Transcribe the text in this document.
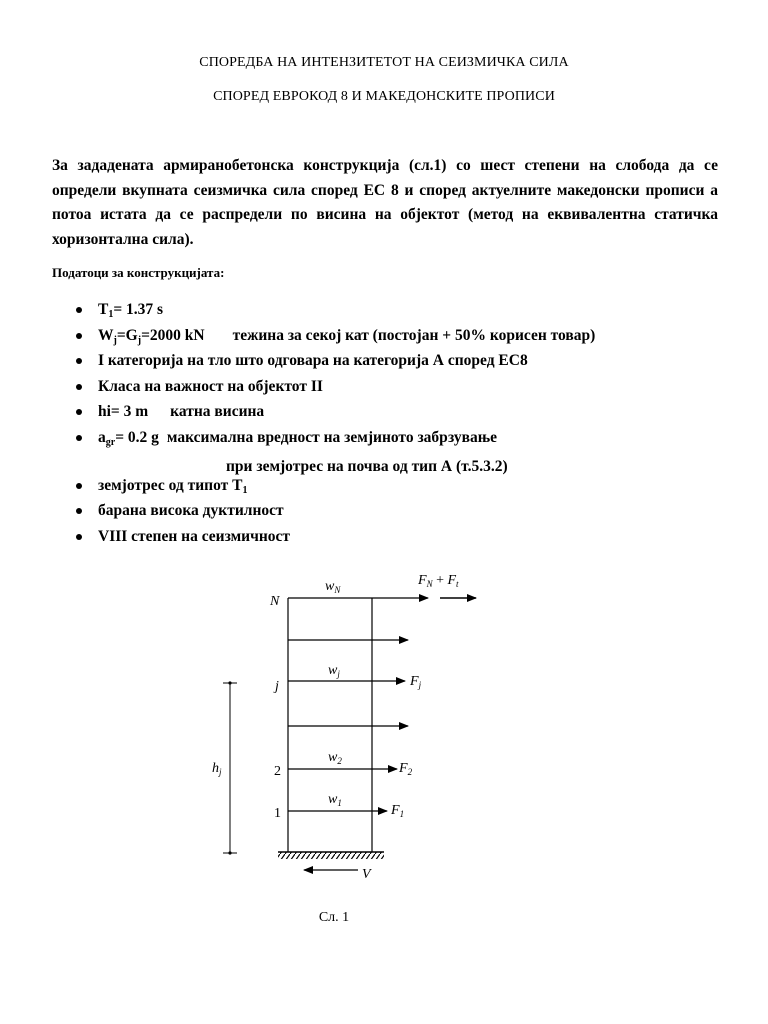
СПОРЕДБА НА ИНТЕНЗИТЕТОТ НА СЕИЗМИЧКА СИЛА
СПОРЕД ЕВРОКОД 8 И МАКЕДОНСКИТЕ ПРОПИСИ
За зададената армиранобетонска конструкција (сл.1) со шест степени на слобода да се определи вкупната сеизмичка сила според ЕС 8 и според актуелните македонски прописи а потоа истата да се распредели по висина на објектот (метод на еквивалентна статичка хоризонтална сила).
Податоци за конструкцијата:
$T_1= 1.37$ s
$W_j=G_j=2000$ kN тежина за секој кат (постојан + 50% корисен товар)
I категорија на тло што одговара на категорија А според ЕС8
Класа на важност на објектот II
hi= 3 m катна висина
$a_{gr}= 0.2$ g максимална вредност на земјиното забрзување
при земјотрес на почва од тип А (т.5.3.2)
земјотрес од типот $Т_1$
барана висока дуктилност
VIII степен на сеизмичност
N
j
2
1
$w_N$
$w_j$
$w_2$
$w_1$
$F_N + F_t$
$F_j$
$F_2$
$F_1$
$h_j$
V
Сл. 1
